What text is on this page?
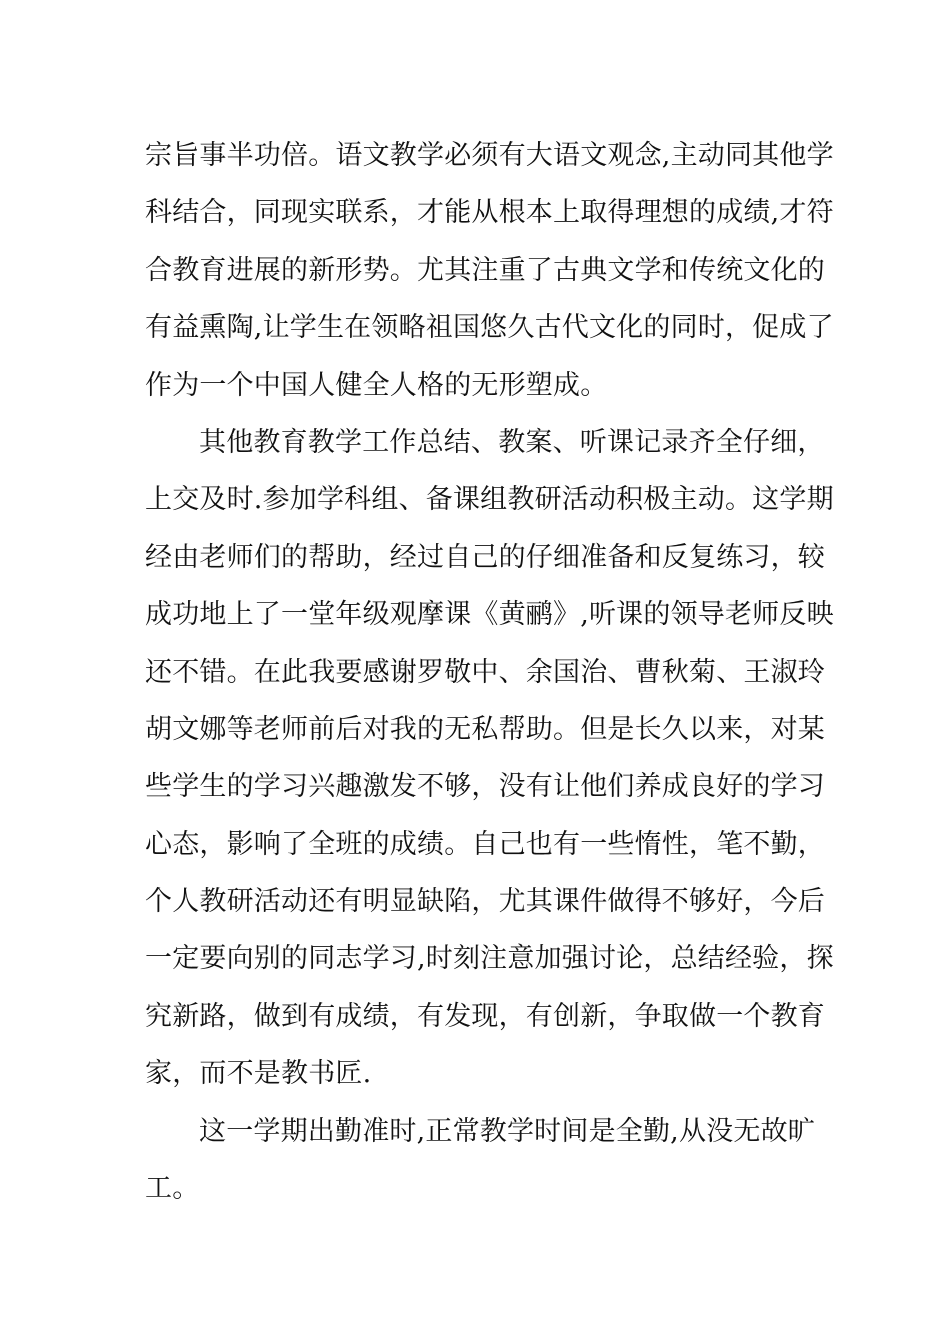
宗旨事半功倍。语文教学必须有大语文观念,主动同其他学
科结合，同现实联系，才能从根本上取得理想的成绩,才符
合教育进展的新形势。尤其注重了古典文学和传统文化的
有益熏陶,让学生在领略祖国悠久古代文化的同时，促成了
作为一个中国人健全人格的无形塑成。
其他教育教学工作总结、教案、听课记录齐全仔细，
上交及时.参加学科组、备课组教研活动积极主动。这学期
经由老师们的帮助，经过自己的仔细准备和反复练习，较
成功地上了一堂年级观摩课《黄鹂》,听课的领导老师反映
还不错。在此我要感谢罗敬中、余国治、曹秋菊、王淑玲
胡文娜等老师前后对我的无私帮助。但是长久以来，对某
些学生的学习兴趣激发不够，没有让他们养成良好的学习
心态，影响了全班的成绩。自己也有一些惰性，笔不勤，
个人教研活动还有明显缺陷，尤其课件做得不够好，今后
一定要向别的同志学习,时刻注意加强讨论，总结经验，探
究新路，做到有成绩，有发现，有创新，争取做一个教育
家，而不是教书匠.
这一学期出勤准时,正常教学时间是全勤,从没无故旷
工。
